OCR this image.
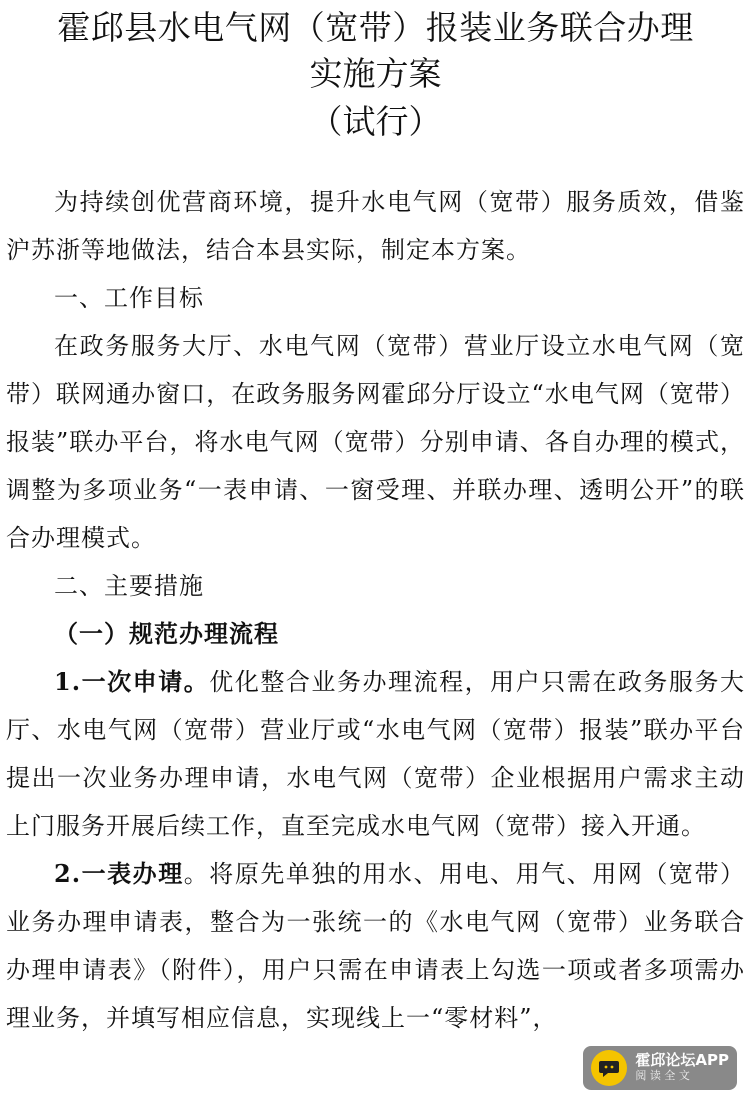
霍邱县水电气网（宽带）报装业务联合办理
实施方案
（试行）

为持续创优营商环境，提升水电气网（宽带）服务质效，借鉴沪苏浙等地做法，结合本县实际，制定本方案。

一、工作目标

在政务服务大厅、水电气网（宽带）营业厅设立水电气网（宽带）联网通办窗口，在政务服务网霍邱分厅设立“水电气网（宽带）报装”联办平台，将水电气网（宽带）分别申请、各自办理的模式，调整为多项业务“一表申请、一窗受理、并联办理、透明公开”的联合办理模式。

二、主要措施

（一）规范办理流程

1.一次申请。优化整合业务办理流程，用户只需在政务服务大厅、水电气网（宽带）营业厅或“水电气网（宽带）报装”联办平台提出一次业务办理申请，水电气网（宽带）企业根据用户需求主动上门服务开展后续工作，直至完成水电气网（宽带）接入开通。

2.一表办理。将原先单独的用水、用电、用气、用网（宽带）业务办理申请表，整合为一张统一的《水电气网（宽带）业务联合办理申请表》（附件），用户只需在申请表上勾选一项或者多项需办理业务，并填写相应信息，实现线上一“零材料”，

霍邱论坛APP
阅 读 全 文
